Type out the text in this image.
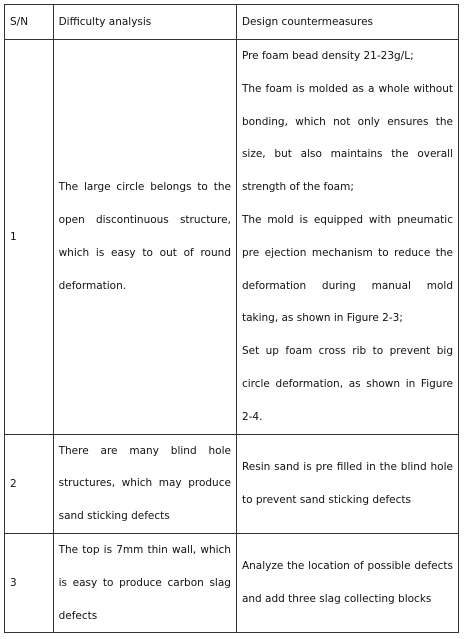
S/N	Difficulty analysis	Design countermeasures
1	The large circle belongs to the open discontinuous structure, which is easy to out of round deformation.	Pre foam bead density 21-23g/L;
The foam is molded as a whole without bonding, which not only ensures the size, but also maintains the overall strength of the foam;
The mold is equipped with pneumatic pre ejection mechanism to reduce the deformation during manual mold taking, as shown in Figure 2-3;
Set up foam cross rib to prevent big circle deformation, as shown in Figure 2-4.

2	There are many blind hole structures, which may produce sand sticking defects	Resin sand is pre filled in the blind hole to prevent sand sticking defects

3	The top is 7mm thin wall, which is easy to produce carbon slag defects	Analyze the location of possible defects and add three slag collecting blocks
